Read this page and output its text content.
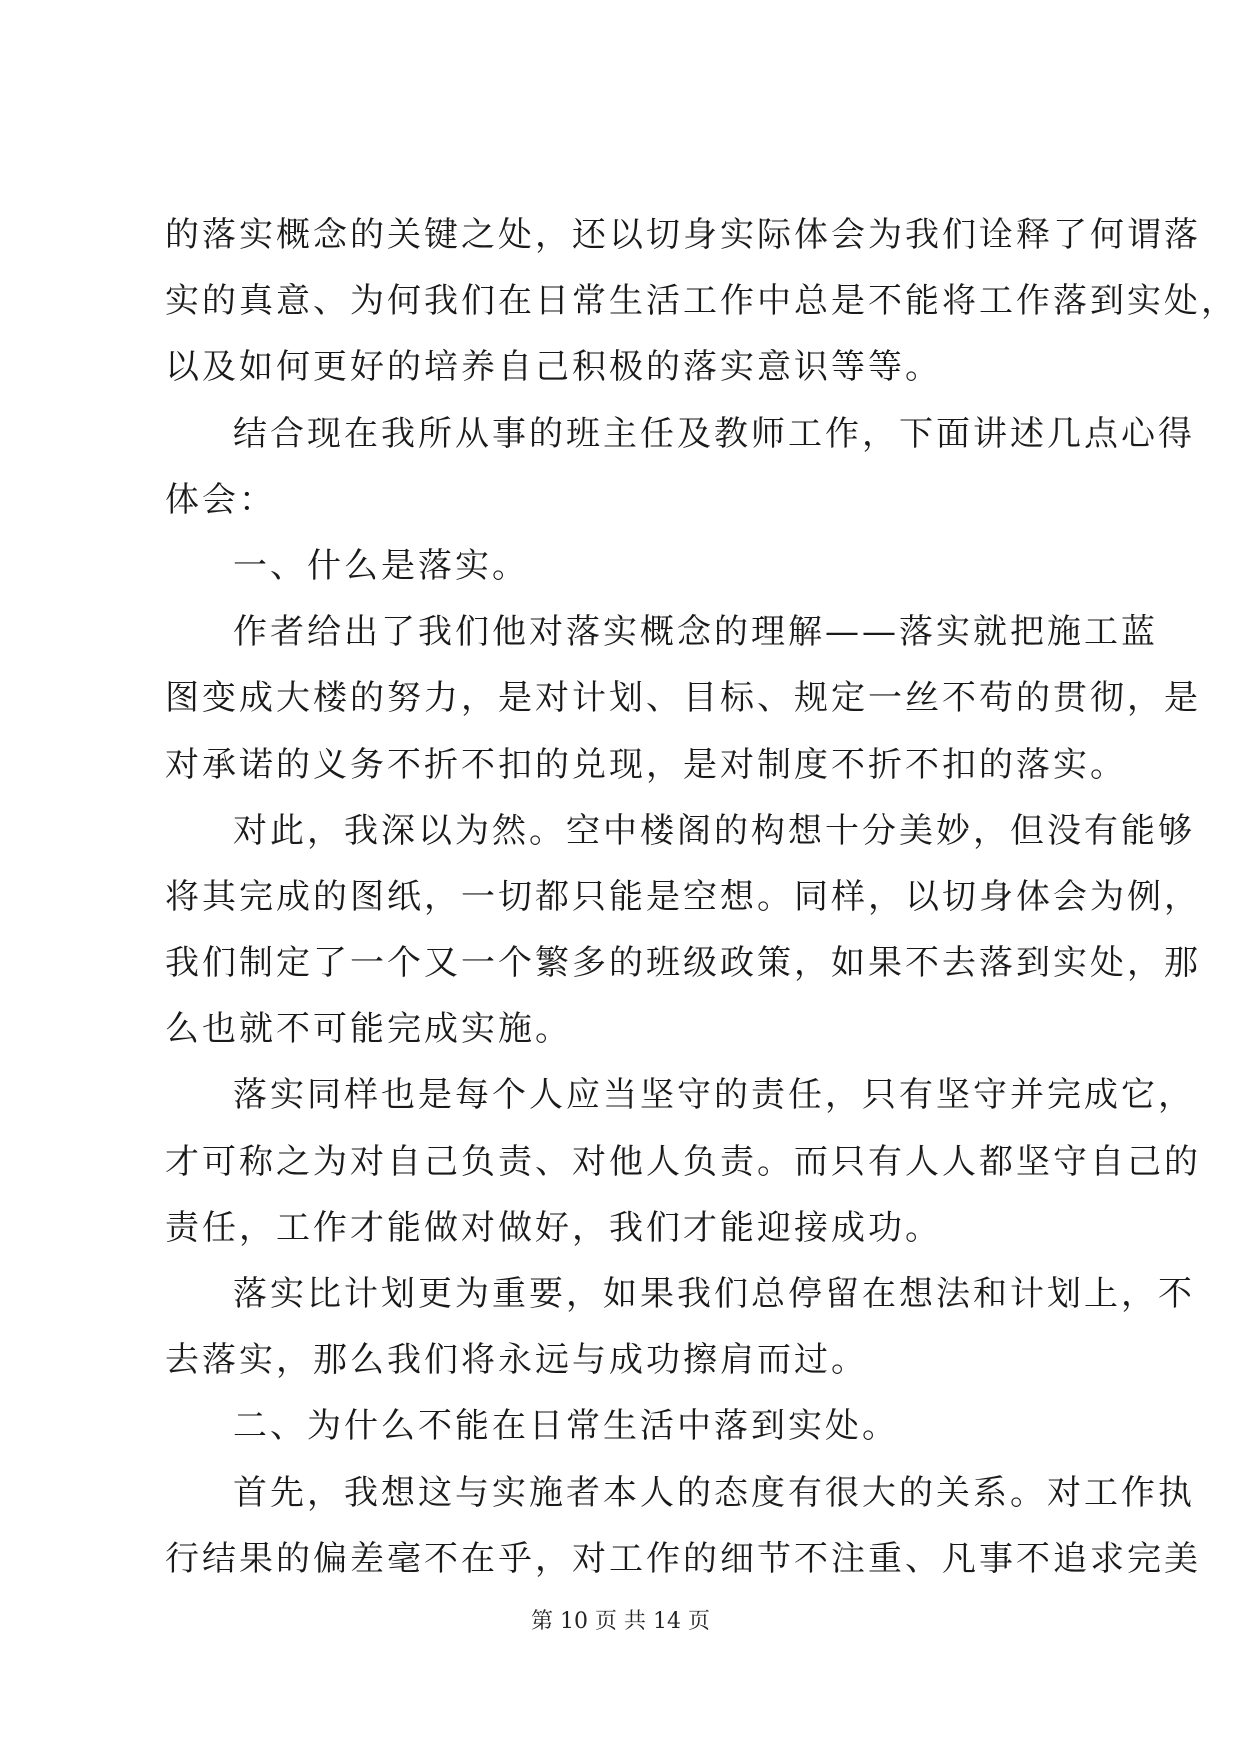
的落实概念的关键之处，还以切身实际体会为我们诠释了何谓落
实的真意、为何我们在日常生活工作中总是不能将工作落到实处，
以及如何更好的培养自己积极的落实意识等等。
结合现在我所从事的班主任及教师工作，下面讲述几点心得
体会：
一、什么是落实。
作者给出了我们他对落实概念的理解——落实就把施工蓝
图变成大楼的努力，是对计划、目标、规定一丝不苟的贯彻，是
对承诺的义务不折不扣的兑现，是对制度不折不扣的落实。
对此，我深以为然。空中楼阁的构想十分美妙，但没有能够
将其完成的图纸，一切都只能是空想。同样，以切身体会为例，
我们制定了一个又一个繁多的班级政策，如果不去落到实处，那
么也就不可能完成实施。
落实同样也是每个人应当坚守的责任，只有坚守并完成它，
才可称之为对自己负责、对他人负责。而只有人人都坚守自己的
责任，工作才能做对做好，我们才能迎接成功。
落实比计划更为重要，如果我们总停留在想法和计划上，不
去落实，那么我们将永远与成功擦肩而过。
二、为什么不能在日常生活中落到实处。
首先，我想这与实施者本人的态度有很大的关系。对工作执
行结果的偏差毫不在乎，对工作的细节不注重、凡事不追求完美
第 10 页 共 14 页
